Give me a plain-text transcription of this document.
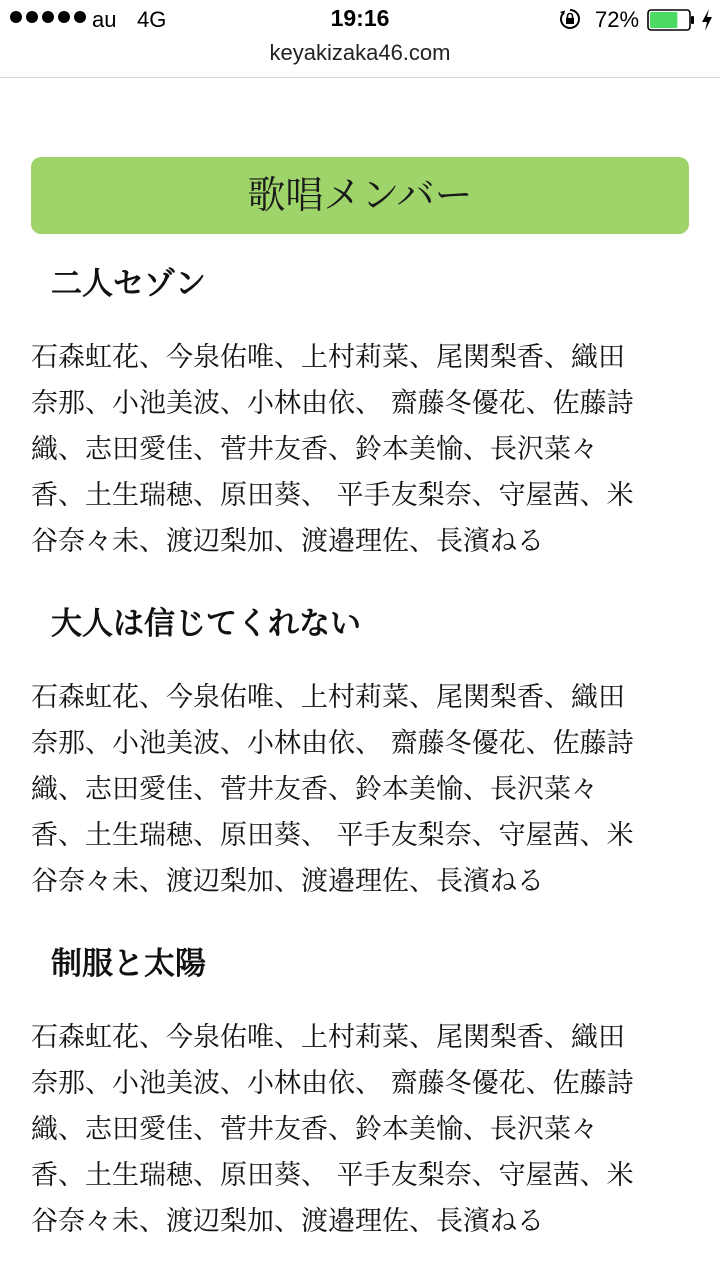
au 4G	19:16	72%
keyakizaka46.com
歌唱メンバー
二人セゾン

石森虹花、今泉佑唯、上村莉菜、尾関梨香、織田
奈那、小池美波、小林由依、 齋藤冬優花、佐藤詩
織、志田愛佳、菅井友香、鈴本美愉、長沢菜々
香、土生瑞穂、原田葵、 平手友梨奈、守屋茜、米
谷奈々未、渡辺梨加、渡邉理佐、長濱ねる

大人は信じてくれない

石森虹花、今泉佑唯、上村莉菜、尾関梨香、織田
奈那、小池美波、小林由依、 齋藤冬優花、佐藤詩
織、志田愛佳、菅井友香、鈴本美愉、長沢菜々
香、土生瑞穂、原田葵、 平手友梨奈、守屋茜、米
谷奈々未、渡辺梨加、渡邉理佐、長濱ねる

制服と太陽

石森虹花、今泉佑唯、上村莉菜、尾関梨香、織田
奈那、小池美波、小林由依、 齋藤冬優花、佐藤詩
織、志田愛佳、菅井友香、鈴本美愉、長沢菜々
香、土生瑞穂、原田葵、 平手友梨奈、守屋茜、米
谷奈々未、渡辺梨加、渡邉理佐、長濱ねる
